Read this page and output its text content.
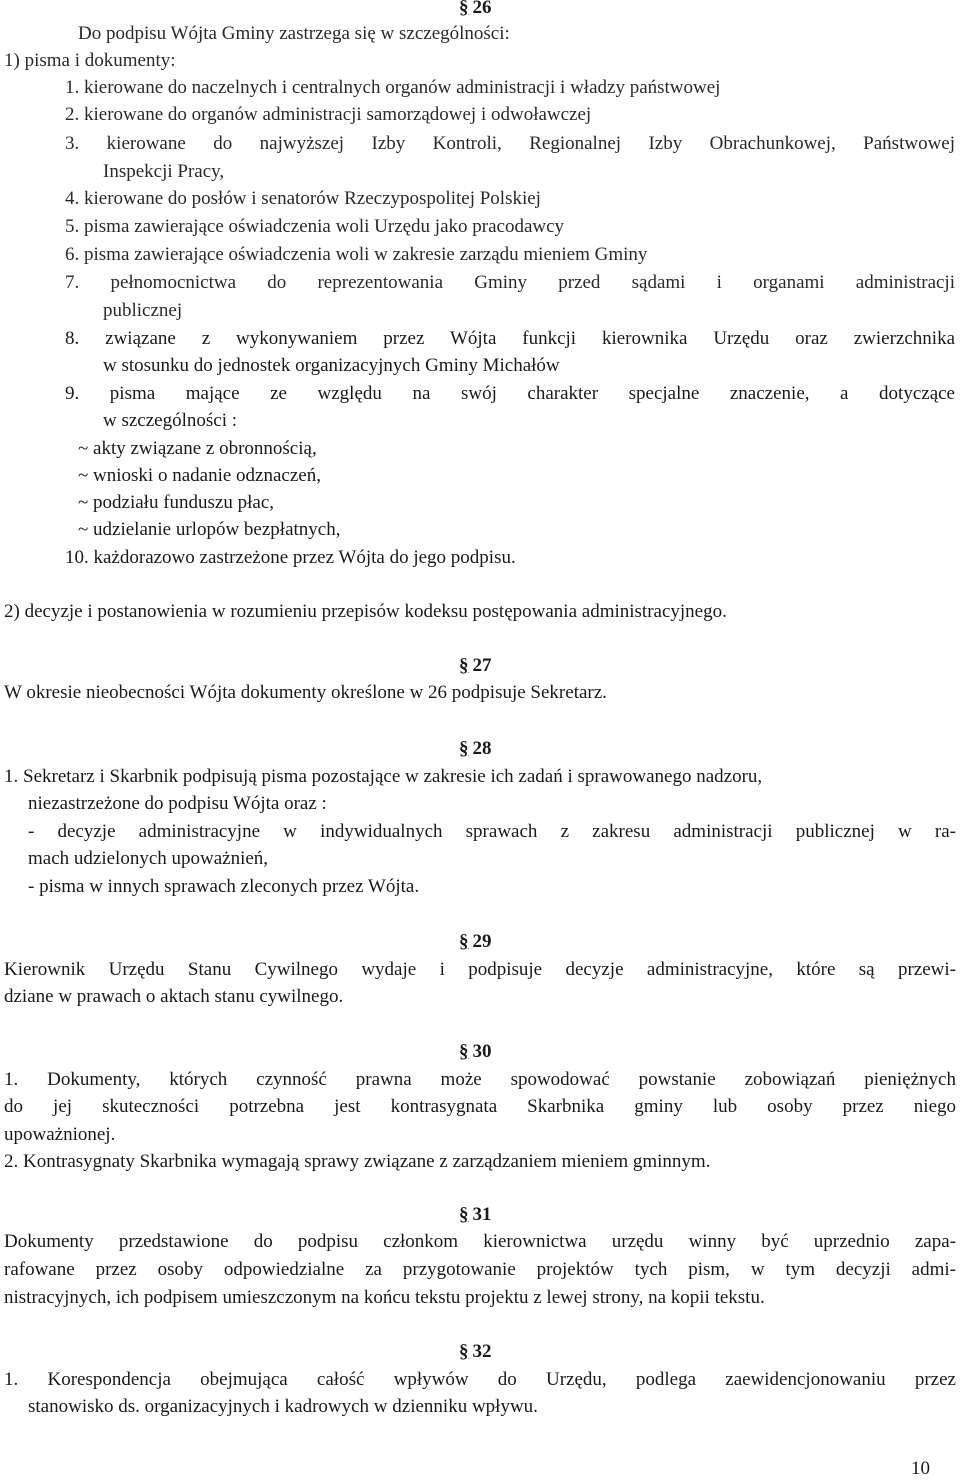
§ 26
Do podpisu Wójta Gminy zastrzega się w szczególności:
1) pisma i dokumenty:
1. kierowane do naczelnych i centralnych organów administracji i władzy państwowej
2. kierowane do organów administracji samorządowej i odwoławczej
3. kierowane do najwyższej Izby Kontroli, Regionalnej Izby Obrachunkowej, Państwowej
Inspekcji Pracy,
4. kierowane do posłów i senatorów Rzeczypospolitej Polskiej
5. pisma zawierające oświadczenia woli Urzędu jako pracodawcy
6. pisma zawierające oświadczenia woli w zakresie zarządu mieniem Gminy
7. pełnomocnictwa do reprezentowania Gminy przed sądami i organami administracji
publicznej
8. związane z wykonywaniem przez Wójta funkcji kierownika Urzędu oraz zwierzchnika
w stosunku do jednostek organizacyjnych Gminy Michałów
9. pisma mające ze względu na swój charakter specjalne znaczenie, a dotyczące
w szczególności :
~ akty związane z obronnością,
~ wnioski o nadanie odznaczeń,
~ podziału funduszu płac,
~ udzielanie urlopów bezpłatnych,
10. każdorazowo zastrzeżone przez Wójta do jego podpisu.
2) decyzje i postanowienia w rozumieniu przepisów kodeksu postępowania administracyjnego.
§ 27
W okresie nieobecności Wójta dokumenty określone w 26 podpisuje Sekretarz.
§ 28
1. Sekretarz i Skarbnik podpisują pisma pozostające w zakresie ich zadań i sprawowanego nadzoru,
niezastrzeżone do podpisu Wójta oraz :
- decyzje administracyjne w indywidualnych sprawach z zakresu administracji publicznej w ra-
mach udzielonych upoważnień,
- pisma w innych sprawach zleconych przez Wójta.
§ 29
Kierownik Urzędu Stanu Cywilnego wydaje i podpisuje decyzje administracyjne, które są przewi-
dziane w prawach o aktach stanu cywilnego.
§ 30
1. Dokumenty, których czynność prawna może spowodować powstanie zobowiązań pieniężnych
do jej skuteczności potrzebna jest kontrasygnata Skarbnika gminy lub osoby przez niego
upoważnionej.
2. Kontrasygnaty Skarbnika wymagają sprawy związane z zarządzaniem mieniem gminnym.
§ 31
Dokumenty przedstawione do podpisu członkom kierownictwa urzędu winny być uprzednio zapa-
rafowane przez osoby odpowiedzialne za przygotowanie projektów tych pism, w tym decyzji admi-
nistracyjnych, ich podpisem umieszczonym na końcu tekstu projektu z lewej strony, na kopii tekstu.
§ 32
1. Korespondencja obejmująca całość wpływów do Urzędu, podlega zaewidencjonowaniu przez
stanowisko ds. organizacyjnych i kadrowych w dzienniku wpływu.
10
